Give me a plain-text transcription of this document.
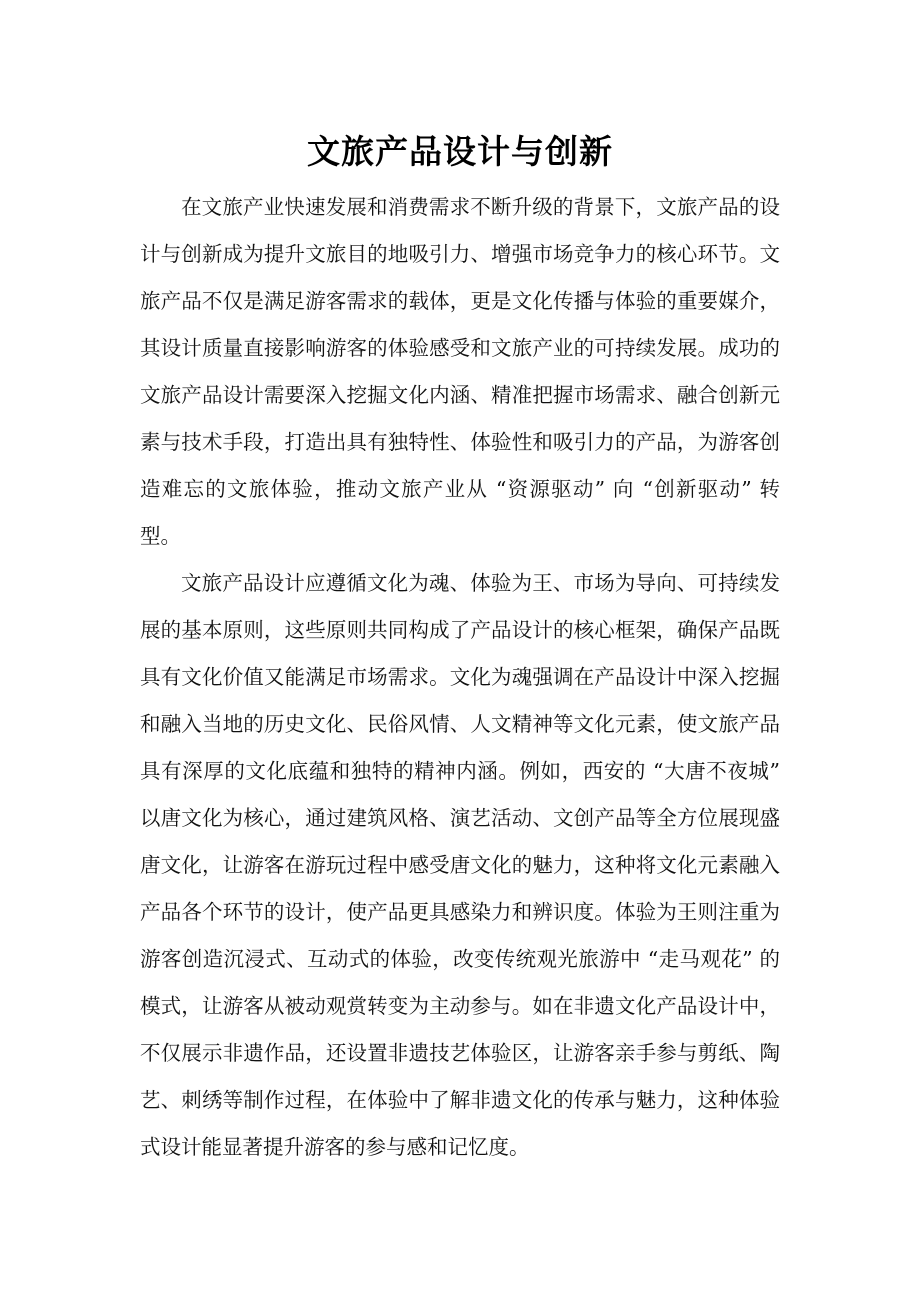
文旅产品设计与创新

在文旅产业快速发展和消费需求不断升级的背景下，文旅产品的设计与创新成为提升文旅目的地吸引力、增强市场竞争力的核心环节。文旅产品不仅是满足游客需求的载体，更是文化传播与体验的重要媒介，其设计质量直接影响游客的体验感受和文旅产业的可持续发展。成功的文旅产品设计需要深入挖掘文化内涵、精准把握市场需求、融合创新元素与技术手段，打造出具有独特性、体验性和吸引力的产品，为游客创造难忘的文旅体验，推动文旅产业从 “资源驱动” 向 “创新驱动” 转型。

文旅产品设计应遵循文化为魂、体验为王、市场为导向、可持续发展的基本原则，这些原则共同构成了产品设计的核心框架，确保产品既具有文化价值又能满足市场需求。文化为魂强调在产品设计中深入挖掘和融入当地的历史文化、民俗风情、人文精神等文化元素，使文旅产品具有深厚的文化底蕴和独特的精神内涵。例如，西安的 “大唐不夜城” 以唐文化为核心，通过建筑风格、演艺活动、文创产品等全方位展现盛唐文化，让游客在游玩过程中感受唐文化的魅力，这种将文化元素融入产品各个环节的设计，使产品更具感染力和辨识度。体验为王则注重为游客创造沉浸式、互动式的体验，改变传统观光旅游中 “走马观花” 的模式，让游客从被动观赏转变为主动参与。如在非遗文化产品设计中，不仅展示非遗作品，还设置非遗技艺体验区，让游客亲手参与剪纸、陶艺、刺绣等制作过程，在体验中了解非遗文化的传承与魅力，这种体验式设计能显著提升游客的参与感和记忆度。
